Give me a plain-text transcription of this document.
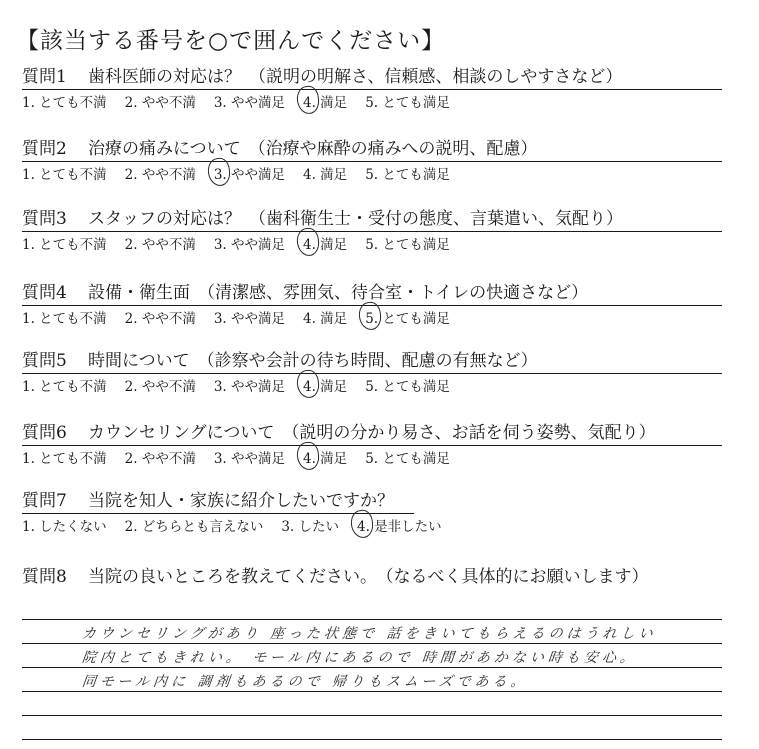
【該当する番号を○で囲んでください】
質問1 歯科医師の対応は？ （説明の明解さ、信頼感、相談のしやすさなど）
1. とても不満 2. やや不満 3. やや満足 4. 満足 5. とても満足
質問2 治療の痛みについて （治療や麻酔の痛みへの説明、配慮）
1. とても不満 2. やや不満 3. やや満足 4. 満足 5. とても満足
質問3 スタッフの対応は？ （歯科衛生士・受付の態度、言葉遣い、気配り）
1. とても不満 2. やや不満 3. やや満足 4. 満足 5. とても満足
質問4 設備・衛生面 （清潔感、雰囲気、待合室・トイレの快適さなど）
1. とても不満 2. やや不満 3. やや満足 4. 満足 5. とても満足
質問5 時間について （診察や会計の待ち時間、配慮の有無など）
1. とても不満 2. やや不満 3. やや満足 4. 満足 5. とても満足
質問6 カウンセリングについて （説明の分かり易さ、お話を伺う姿勢、気配り）
1. とても不満 2. やや不満 3. やや満足 4. 満足 5. とても満足
質問7 当院を知人・家族に紹介したいですか？
1. したくない 2. どちらとも言えない 3. したい 4. 是非したい
質問8 当院の良いところを教えてください。 （なるべく具体的にお願いします）
カウンセリングがあり 座った状態で 話をきいてもらえるのはうれしい
院内とてもきれい。 モール内にあるので 時間があかない時も安心。
同モール内に 調剤もあるので 帰りもスムーズである。
